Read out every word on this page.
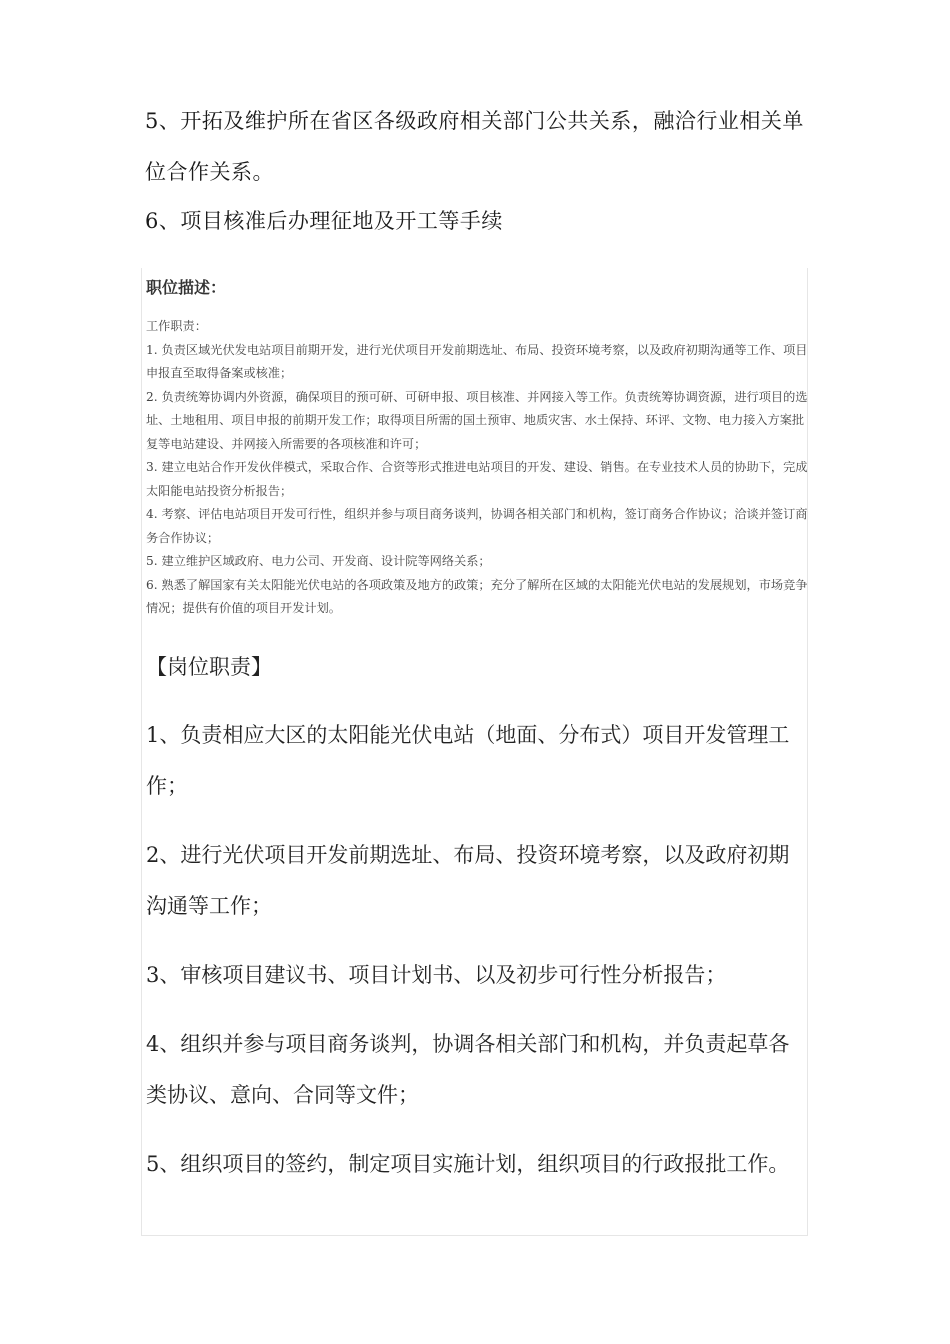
5、开拓及维护所在省区各级政府相关部门公共关系，融洽行业相关单位合作关系。

6、项目核准后办理征地及开工等手续

职位描述：

工作职责：

1. 负责区域光伏发电站项目前期开发，进行光伏项目开发前期选址、布局、投资环境考察，以及政府初期沟通等工作、项目申报直至取得备案或核准；

2. 负责统筹协调内外资源，确保项目的预可研、可研申报、项目核准、并网接入等工作。负责统筹协调资源，进行项目的选址、土地租用、项目申报的前期开发工作；取得项目所需的国土预审、地质灾害、水土保持、环评、文物、电力接入方案批复等电站建设、并网接入所需要的各项核准和许可；

3. 建立电站合作开发伙伴模式，采取合作、合资等形式推进电站项目的开发、建设、销售。在专业技术人员的协助下，完成太阳能电站投资分析报告；

4. 考察、评估电站项目开发可行性，组织并参与项目商务谈判，协调各相关部门和机构，签订商务合作协议；洽谈并签订商务合作协议；

5. 建立维护区域政府、电力公司、开发商、设计院等网络关系；

6. 熟悉了解国家有关太阳能光伏电站的各项政策及地方的政策；充分了解所在区域的太阳能光伏电站的发展规划，市场竞争情况；提供有价值的项目开发计划。

【岗位职责】

1、负责相应大区的太阳能光伏电站（地面、分布式）项目开发管理工作；

2、进行光伏项目开发前期选址、布局、投资环境考察，以及政府初期沟通等工作；

3、审核项目建议书、项目计划书、以及初步可行性分析报告；

4、组织并参与项目商务谈判，协调各相关部门和机构，并负责起草各类协议、意向、合同等文件；

5、组织项目的签约，制定项目实施计划，组织项目的行政报批工作。
